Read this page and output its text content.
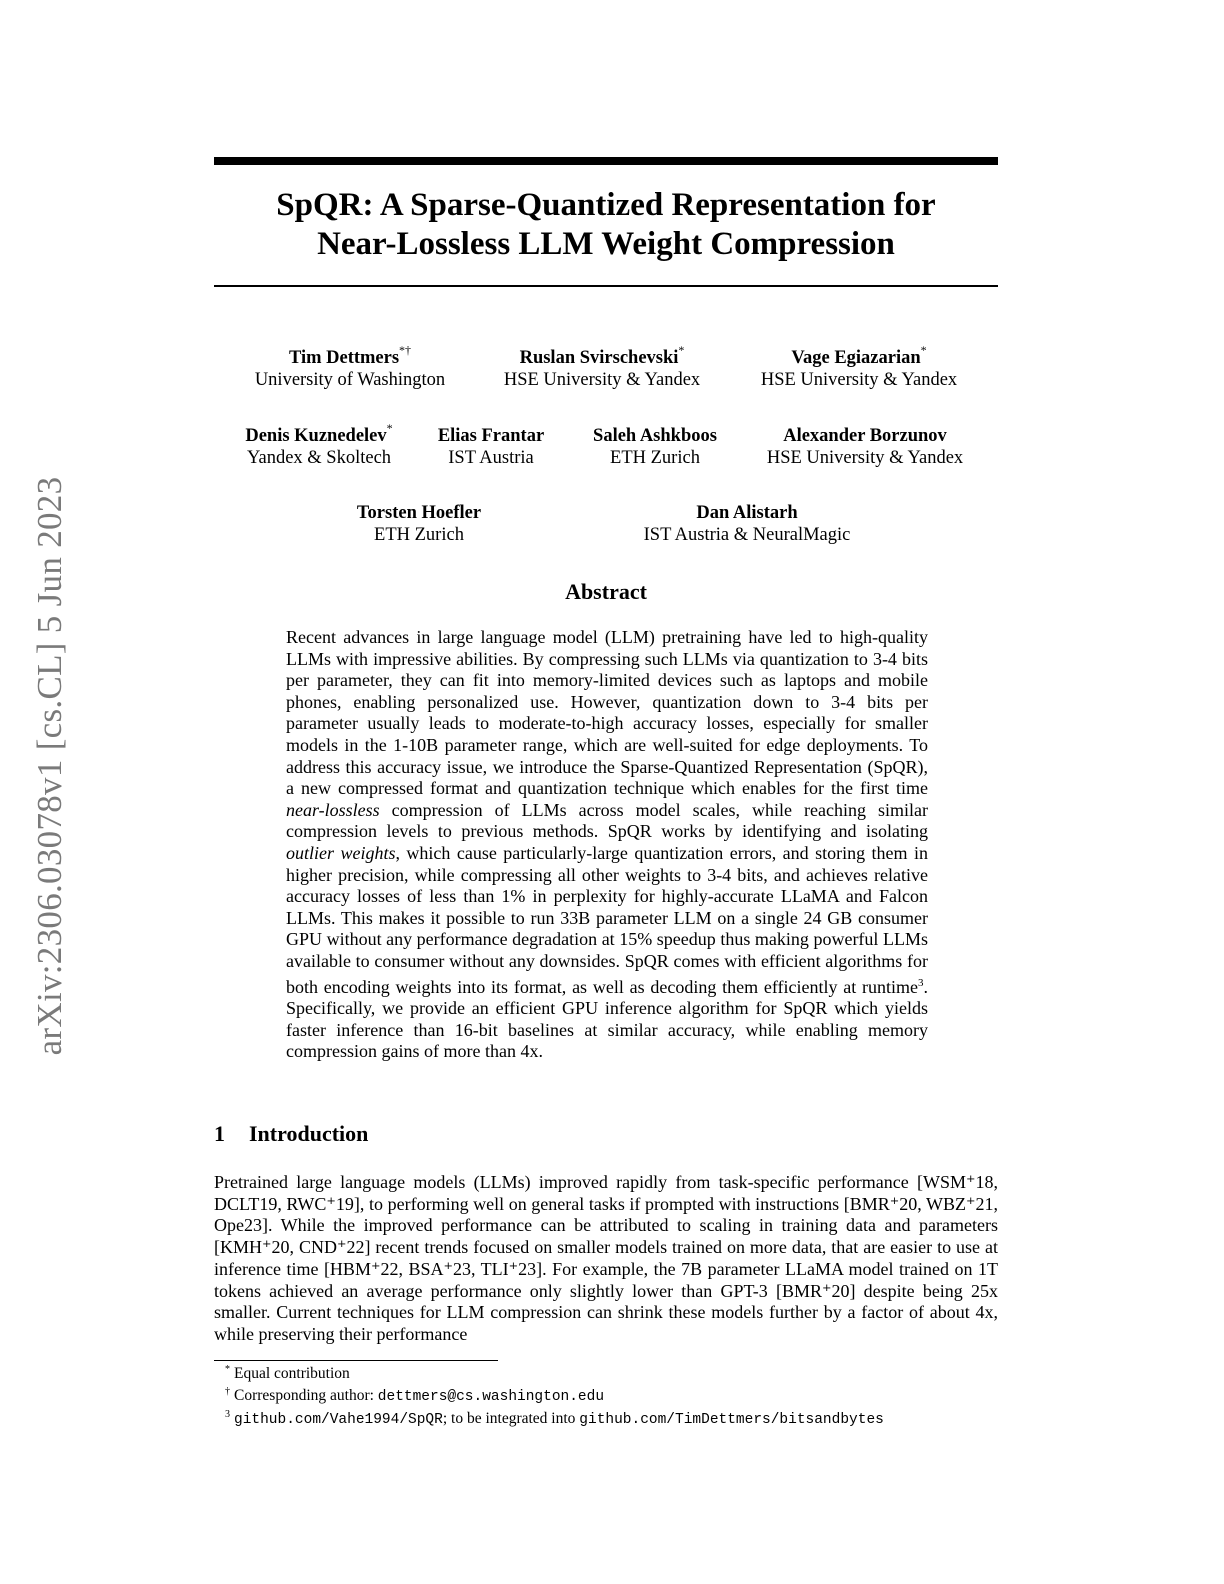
arXiv:2306.03078v1 [cs.CL] 5 Jun 2023
SpQR: A Sparse-Quantized Representation for
Near-Lossless LLM Weight Compression
Tim Dettmers*†
University of Washington
Ruslan Svirschevski*
HSE University & Yandex
Vage Egiazarian*
HSE University & Yandex
Denis Kuznedelev*
Yandex & Skoltech
Elias Frantar
IST Austria
Saleh Ashkboos
ETH Zurich
Alexander Borzunov
HSE University & Yandex
Torsten Hoefler
ETH Zurich
Dan Alistarh
IST Austria & NeuralMagic
Abstract
Recent advances in large language model (LLM) pretraining have led to high-quality LLMs with impressive abilities. By compressing such LLMs via quantization to 3-4 bits per parameter, they can fit into memory-limited devices such as laptops and mobile phones, enabling personalized use. However, quantization down to 3-4 bits per parameter usually leads to moderate-to-high accuracy losses, especially for smaller models in the 1-10B parameter range, which are well-suited for edge deployments. To address this accuracy issue, we introduce the Sparse-Quantized Representation (SpQR), a new compressed format and quantization technique which enables for the first time near-lossless compression of LLMs across model scales, while reaching similar compression levels to previous methods. SpQR works by identifying and isolating outlier weights, which cause particularly-large quantization errors, and storing them in higher precision, while compressing all other weights to 3-4 bits, and achieves relative accuracy losses of less than 1% in perplexity for highly-accurate LLaMA and Falcon LLMs. This makes it possible to run 33B parameter LLM on a single 24 GB consumer GPU without any performance degradation at 15% speedup thus making powerful LLMs available to consumer without any downsides. SpQR comes with efficient algorithms for both encoding weights into its format, as well as decoding them efficiently at runtime$^3$. Specifically, we provide an efficient GPU inference algorithm for SpQR which yields faster inference than 16-bit baselines at similar accuracy, while enabling memory compression gains of more than 4x.
1 Introduction
Pretrained large language models (LLMs) improved rapidly from task-specific performance [WSM⁺18, DCLT19, RWC⁺19], to performing well on general tasks if prompted with instructions [BMR⁺20, WBZ⁺21, Ope23]. While the improved performance can be attributed to scaling in training data and parameters [KMH⁺20, CND⁺22] recent trends focused on smaller models trained on more data, that are easier to use at inference time [HBM⁺22, BSA⁺23, TLI⁺23]. For example, the 7B parameter LLaMA model trained on 1T tokens achieved an average performance only slightly lower than GPT-3 [BMR⁺20] despite being 25x smaller. Current techniques for LLM compression can shrink these models further by a factor of about 4x, while preserving their performance
* Equal contribution
† Corresponding author: dettmers@cs.washington.edu
3 github.com/Vahe1994/SpQR; to be integrated into github.com/TimDettmers/bitsandbytes
